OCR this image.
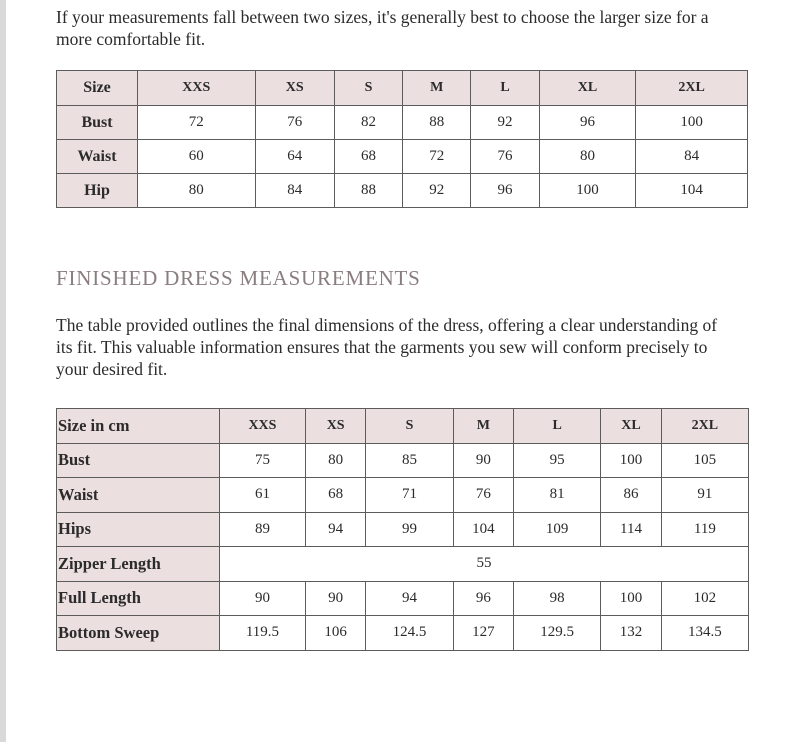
If your measurements fall between two sizes, it's generally best to choose the larger size for a more comfortable fit.

Size	XXS	XS	S	M	L	XL	2XL
Bust	72	76	82	88	92	96	100
Waist	60	64	68	72	76	80	84
Hip	80	84	88	92	96	100	104
FINISHED DRESS MEASUREMENTS

The table provided outlines the final dimensions of the dress, offering a clear understanding of its fit. This valuable information ensures that the garments you sew will conform precisely to your desired fit.

Size in cm	XXS	XS	S	M	L	XL	2XL
Bust	75	80	85	90	95	100	105
Waist	61	68	71	76	81	86	91
Hips	89	94	99	104	109	114	119
Zipper Length	55						
Full Length	90	90	94	96	98	100	102
Bottom Sweep	119.5	106	124.5	127	129.5	132	134.5
